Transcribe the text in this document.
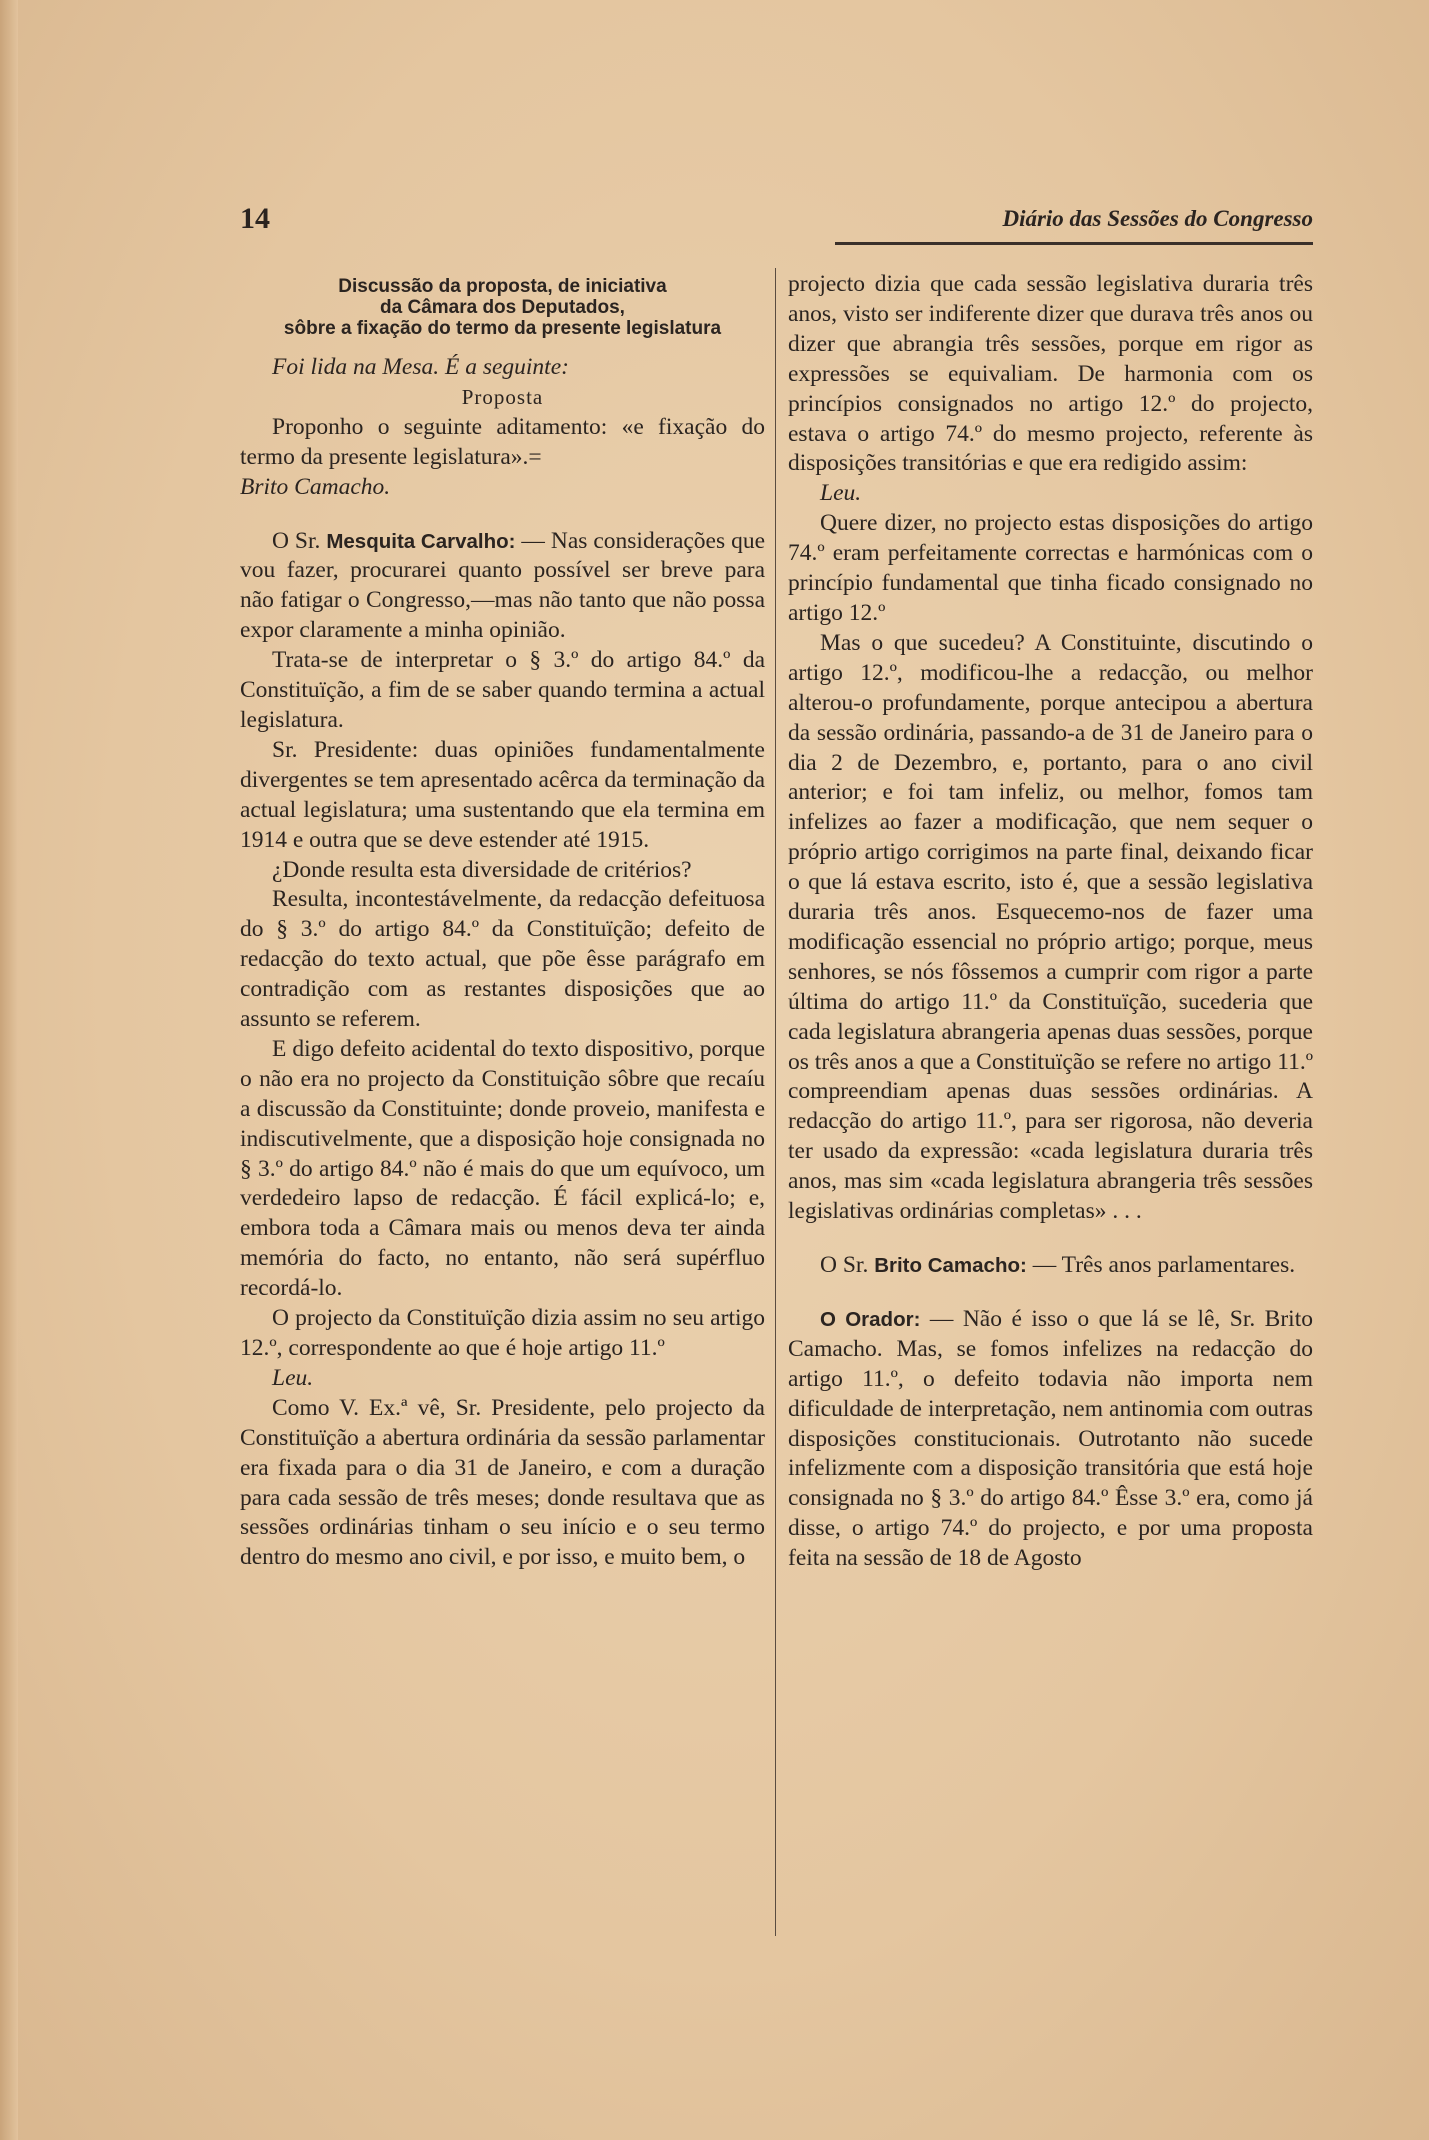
14	Diário das Sessões do Congresso
Discussão da proposta, de iniciativa
da Câmara dos Deputados,
sôbre a fixação do termo da presente legislatura

Foi lida na Mesa. É a seguinte:

Proposta

Proponho o seguinte aditamento: «e fixação do termo da presente legislatura».=
Brito Camacho.

O Sr. Mesquita Carvalho: — Nas considerações que vou fazer, procurarei quanto possível ser breve para não fatigar o Congresso,—mas não tanto que não possa expor claramente a minha opinião.

Trata-se de interpretar o § 3.º do artigo 84.º da Constituïção, a fim de se saber quando termina a actual legislatura.

Sr. Presidente: duas opiniões fundamentalmente divergentes se tem apresentado acêrca da terminação da actual legislatura; uma sustentando que ela termina em 1914 e outra que se deve estender até 1915.

¿Donde resulta esta diversidade de critérios?

Resulta, incontestávelmente, da redacção defeituosa do § 3.º do artigo 84.º da Constituïção; defeito de redacção do texto actual, que põe êsse parágrafo em contradição com as restantes disposições que ao assunto se referem.

E digo defeito acidental do texto dispositivo, porque o não era no projecto da Constituição sôbre que recaíu a discussão da Constituinte; donde proveio, manifesta e indiscutivelmente, que a disposição hoje consignada no § 3.º do artigo 84.º não é mais do que um equívoco, um verdedeiro lapso de redacção. É fácil explicá-lo; e, embora toda a Câmara mais ou menos deva ter ainda memória do facto, no entanto, não será supérfluo recordá-lo.

O projecto da Constituïção dizia assim no seu artigo 12.º, correspondente ao que é hoje artigo 11.º

Leu.

Como V. Ex.ª vê, Sr. Presidente, pelo projecto da Constituïção a abertura ordinária da sessão parlamentar era fixada para o dia 31 de Janeiro, e com a duração para cada sessão de três meses; donde resultava que as sessões ordinárias tinham o seu início e o seu termo dentro do mesmo ano civil, e por isso, e muito bem, o

projecto dizia que cada sessão legislativa duraria três anos, visto ser indiferente dizer que durava três anos ou dizer que abrangia três sessões, porque em rigor as expressões se equivaliam. De harmonia com os princípios consignados no artigo 12.º do projecto, estava o artigo 74.º do mesmo projecto, referente às disposições transitórias e que era redigido assim:

Leu.

Quere dizer, no projecto estas disposições do artigo 74.º eram perfeitamente correctas e harmónicas com o princípio fundamental que tinha ficado consignado no artigo 12.º

Mas o que sucedeu? A Constituinte, discutindo o artigo 12.º, modificou-lhe a redacção, ou melhor alterou-o profundamente, porque antecipou a abertura da sessão ordinária, passando-a de 31 de Janeiro para o dia 2 de Dezembro, e, portanto, para o ano civil anterior; e foi tam infeliz, ou melhor, fomos tam infelizes ao fazer a modificação, que nem sequer o próprio artigo corrigimos na parte final, deixando ficar o que lá estava escrito, isto é, que a sessão legislativa duraria três anos. Esquecemo-nos de fazer uma modificação essencial no próprio artigo; porque, meus senhores, se nós fôssemos a cumprir com rigor a parte última do artigo 11.º da Constituïção, sucederia que cada legislatura abrangeria apenas duas sessões, porque os três anos a que a Constituïção se refere no artigo 11.º compreendiam apenas duas sessões ordinárias. A redacção do artigo 11.º, para ser rigorosa, não deveria ter usado da expressão: «cada legislatura duraria três anos, mas sim «cada legislatura abrangeria três sessões legislativas ordinárias completas» . . .

O Sr. Brito Camacho: — Três anos parlamentares.

O Orador: — Não é isso o que lá se lê, Sr. Brito Camacho. Mas, se fomos infelizes na redacção do artigo 11.º, o defeito todavia não importa nem dificuldade de interpretação, nem antinomia com outras disposições constitucionais. Outrotanto não sucede infelizmente com a disposição transitória que está hoje consignada no § 3.º do artigo 84.º Êsse 3.º era, como já disse, o artigo 74.º do projecto, e por uma proposta feita na sessão de 18 de Agosto
